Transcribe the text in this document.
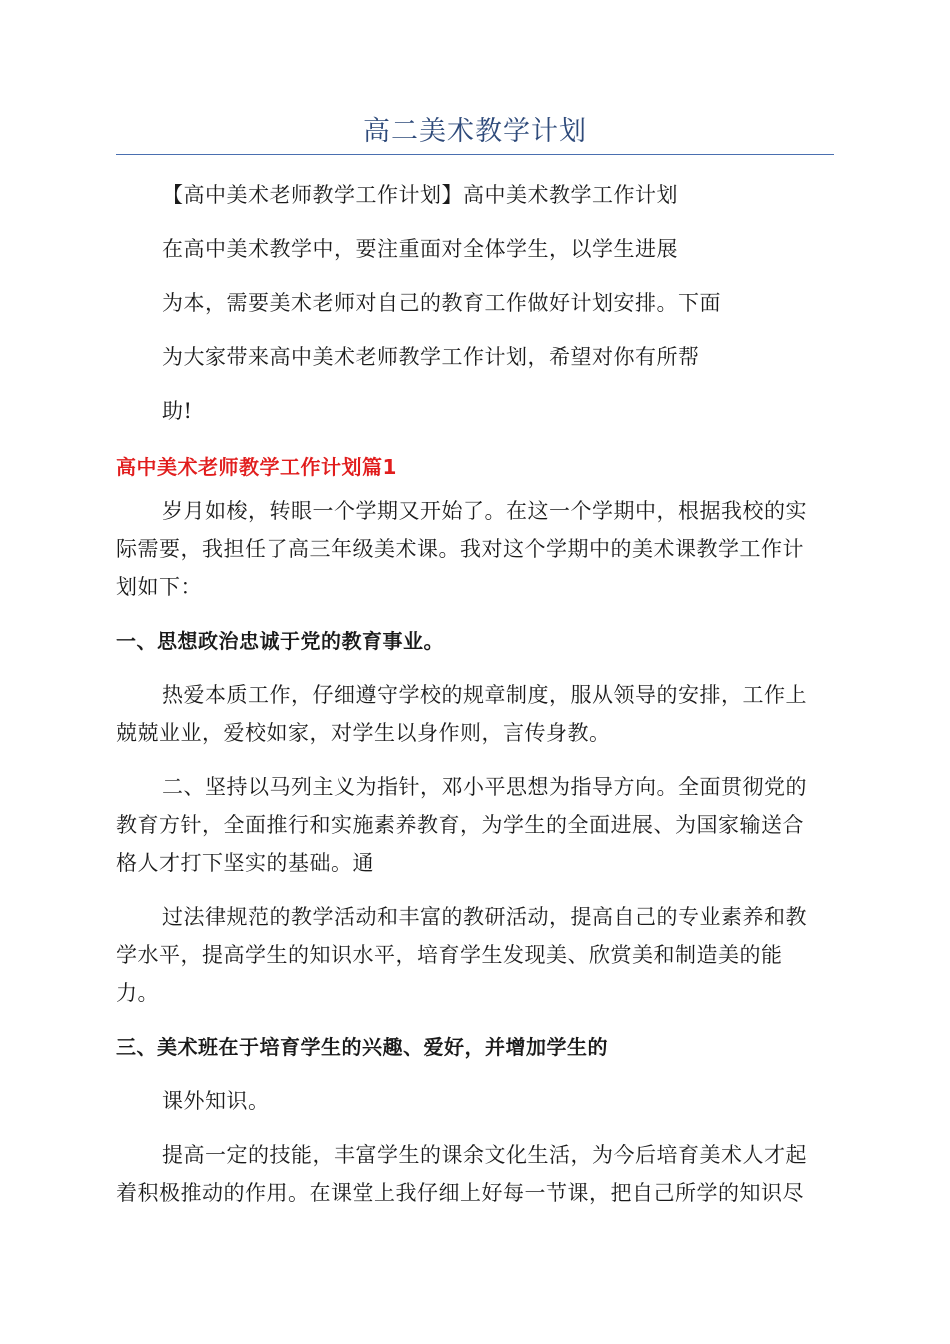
高二美术教学计划
【高中美术老师教学工作计划】高中美术教学工作计划
在高中美术教学中，要注重面对全体学生，以学生进展
为本，需要美术老师对自己的教育工作做好计划安排。下面
为大家带来高中美术老师教学工作计划，希望对你有所帮
助!
高中美术老师教学工作计划篇1
岁月如梭，转眼一个学期又开始了。在这一个学期中，根据我校的实
际需要，我担任了高三年级美术课。我对这个学期中的美术课教学工作计
划如下：
一、思想政治忠诚于党的教育事业。
热爱本质工作，仔细遵守学校的规章制度，服从领导的安排，工作上
兢兢业业，爱校如家，对学生以身作则，言传身教。
二、坚持以马列主义为指针，邓小平思想为指导方向。全面贯彻党的
教育方针，全面推行和实施素养教育，为学生的全面进展、为国家输送合
格人才打下坚实的基础。通
过法律规范的教学活动和丰富的教研活动，提高自己的专业素养和教
学水平，提高学生的知识水平，培育学生发现美、欣赏美和制造美的能
力。
三、美术班在于培育学生的兴趣、爱好，并增加学生的
课外知识。
提高一定的技能，丰富学生的课余文化生活，为今后培育美术人才起
着积极推动的作用。在课堂上我仔细上好每一节课，把自己所学的知识尽
